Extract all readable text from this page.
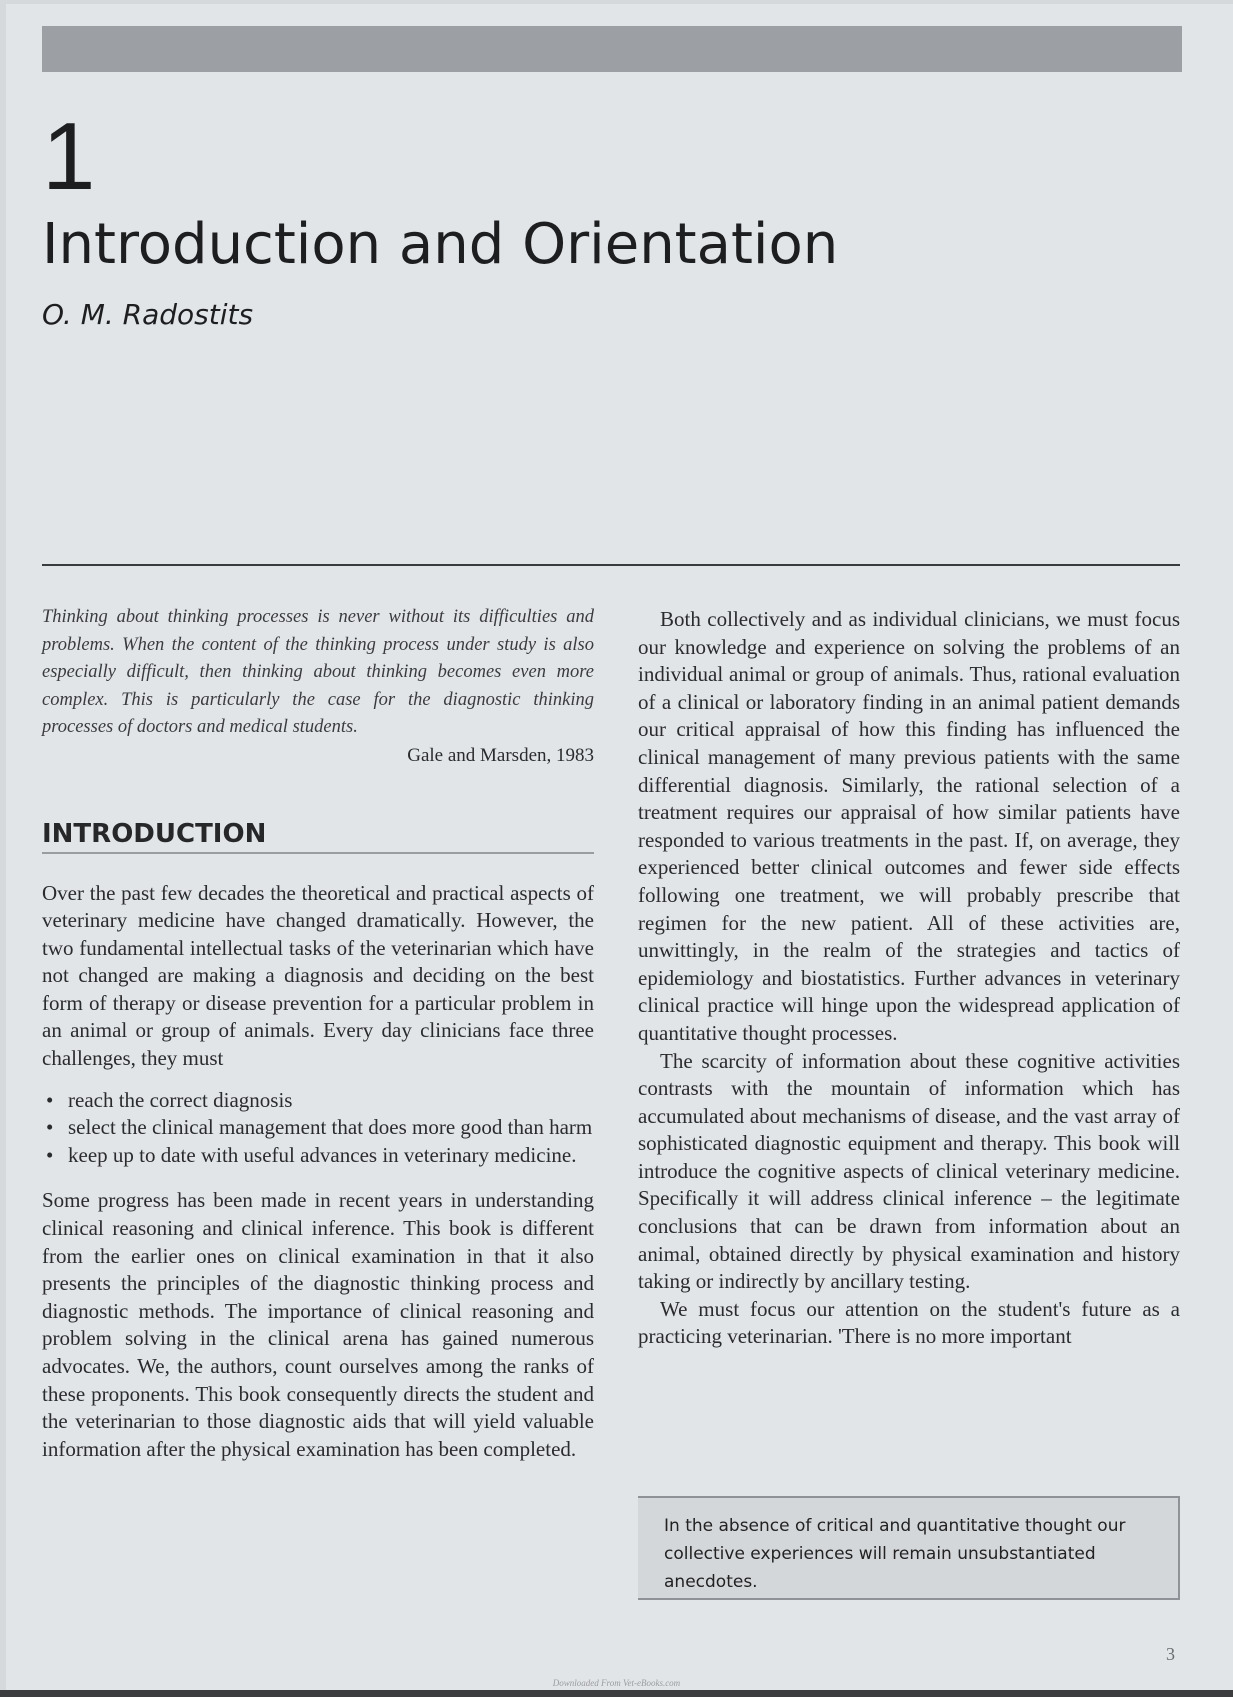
1
Introduction and Orientation
O. M. Radostits

Thinking about thinking processes is never without its difficulties and problems. When the content of the thinking process under study is also especially difficult, then thinking about thinking becomes even more complex. This is particularly the case for the diagnostic thinking processes of doctors and medical students.

Gale and Marsden, 1983

INTRODUCTION

Over the past few decades the theoretical and practical aspects of veterinary medicine have changed dramatically. However, the two fundamental intellectual tasks of the veterinarian which have not changed are making a diagnosis and deciding on the best form of therapy or disease prevention for a particular problem in an animal or group of animals. Every day clinicians face three challenges, they must

• reach the correct diagnosis
• select the clinical management that does more good than harm
• keep up to date with useful advances in veterinary medicine.

Some progress has been made in recent years in understanding clinical reasoning and clinical inference. This book is different from the earlier ones on clinical examination in that it also presents the principles of the diagnostic thinking process and diagnostic methods. The importance of clinical reasoning and problem solving in the clinical arena has gained numerous advocates. We, the authors, count ourselves among the ranks of these proponents. This book consequently directs the student and the veterinarian to those diagnostic aids that will yield valuable information after the physical examination has been completed.

Both collectively and as individual clinicians, we must focus our knowledge and experience on solving the problems of an individual animal or group of animals. Thus, rational evaluation of a clinical or laboratory finding in an animal patient demands our critical appraisal of how this finding has influenced the clinical management of many previous patients with the same differential diagnosis. Similarly, the rational selection of a treatment requires our appraisal of how similar patients have responded to various treatments in the past. If, on average, they experienced better clinical outcomes and fewer side effects following one treatment, we will probably prescribe that regimen for the new patient. All of these activities are, unwittingly, in the realm of the strategies and tactics of epidemiology and biostatistics. Further advances in veterinary clinical practice will hinge upon the widespread application of quantitative thought processes.

The scarcity of information about these cognitive activities contrasts with the mountain of information which has accumulated about mechanisms of disease, and the vast array of sophisticated diagnostic equipment and therapy. This book will introduce the cognitive aspects of clinical veterinary medicine. Specifically it will address clinical inference – the legitimate conclusions that can be drawn from information about an animal, obtained directly by physical examination and history taking or indirectly by ancillary testing.

We must focus our attention on the student's future as a practicing veterinarian. 'There is no more important

In the absence of critical and quantitative thought our collective experiences will remain unsubstantiated anecdotes.
3
Downloaded From Vet-eBooks.com
